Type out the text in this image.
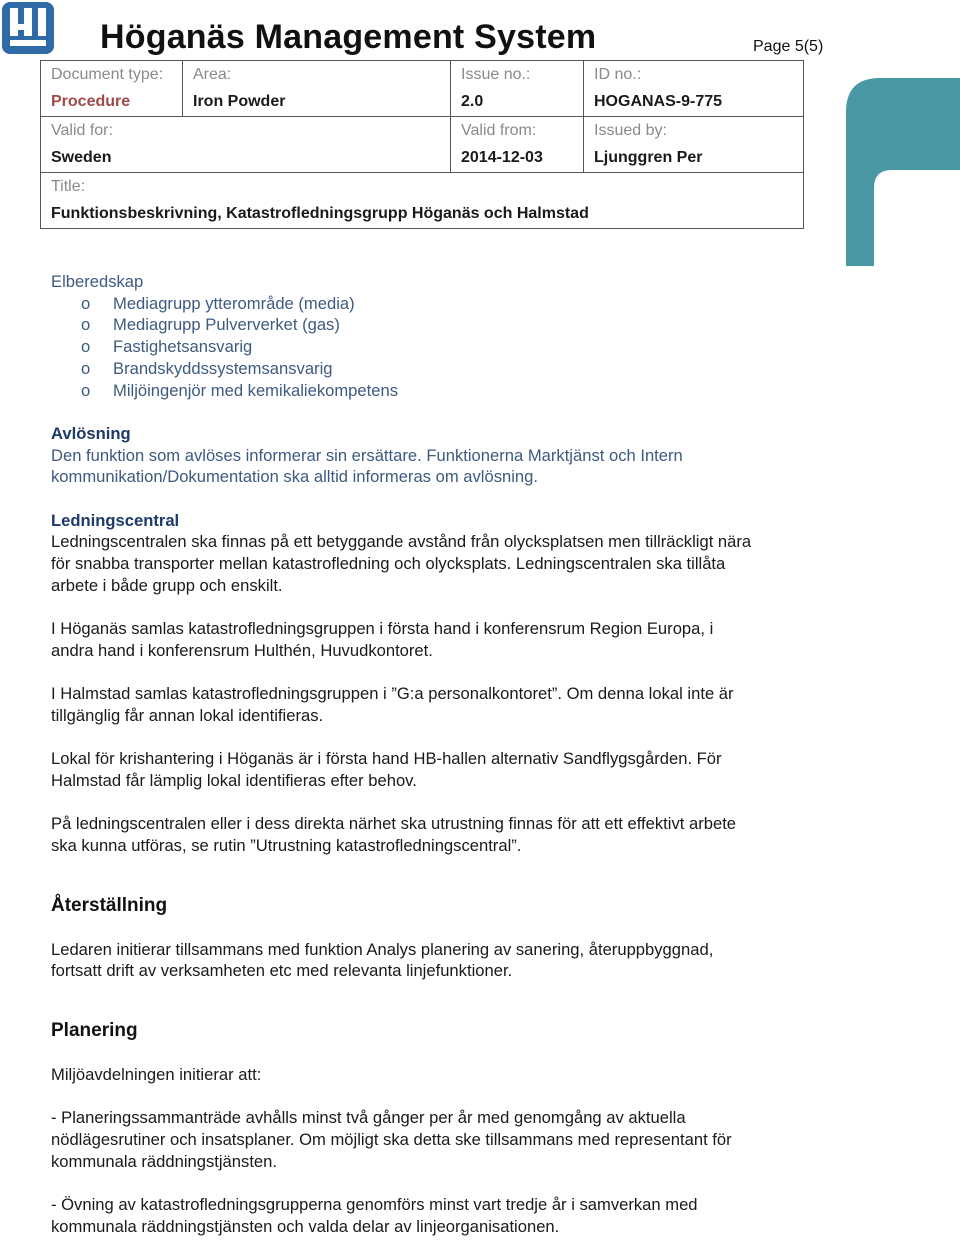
Höganäs Management System	Page 5(5)
Document type:	Area:	Issue no.:	ID no.:
Procedure	Iron Powder	2.0	HOGANAS-9-775
Valid for:		Valid from:	Issued by:
Sweden		2014-12-03	Ljunggren Per
Title:			
Funktionsbeskrivning, Katastrofledningsgrupp Höganäs och Halmstad			

Elberedskap

o	Mediagrupp ytterområde (media)
o	Mediagrupp Pulververket (gas)
o	Fastighetsansvarig
o	Brandskyddssystemsansvarig
o	Miljöingenjör med kemikaliekompetens

Avlösning

Den funktion som avlöses informerar sin ersättare. Funktionerna Marktjänst och Intern

kommunikation/Dokumentation ska alltid informeras om avlösning.

Ledningscentral

Ledningscentralen ska finnas på ett betyggande avstånd från olycksplatsen men tillräckligt nära

för snabba transporter mellan katastrofledning och olycksplats. Ledningscentralen ska tillåta

arbete i både grupp och enskilt.

I Höganäs samlas katastrofledningsgruppen i första hand i konferensrum Region Europa, i

andra hand i konferensrum Hulthén, Huvudkontoret.

I Halmstad samlas katastrofledningsgruppen i ”G:a personalkontoret”. Om denna lokal inte är

tillgänglig får annan lokal identifieras.

Lokal för krishantering i Höganäs är i första hand HB-hallen alternativ Sandflygsgården. För

Halmstad får lämplig lokal identifieras efter behov.

På ledningscentralen eller i dess direkta närhet ska utrustning finnas för att ett effektivt arbete

ska kunna utföras, se rutin ”Utrustning katastrofledningscentral”.

Återställning

Ledaren initierar tillsammans med funktion Analys planering av sanering, återuppbyggnad,

fortsatt drift av verksamheten etc med relevanta linjefunktioner.

Planering

Miljöavdelningen initierar att:

- Planeringssammanträde avhålls minst två gånger per år med genomgång av aktuella

nödlägesrutiner och insatsplaner. Om möjligt ska detta ske tillsammans med representant för

kommunala räddningstjänsten.

- Övning av katastrofledningsgrupperna genomförs minst vart tredje år i samverkan med

kommunala räddningstjänsten och valda delar av linjeorganisationen.
